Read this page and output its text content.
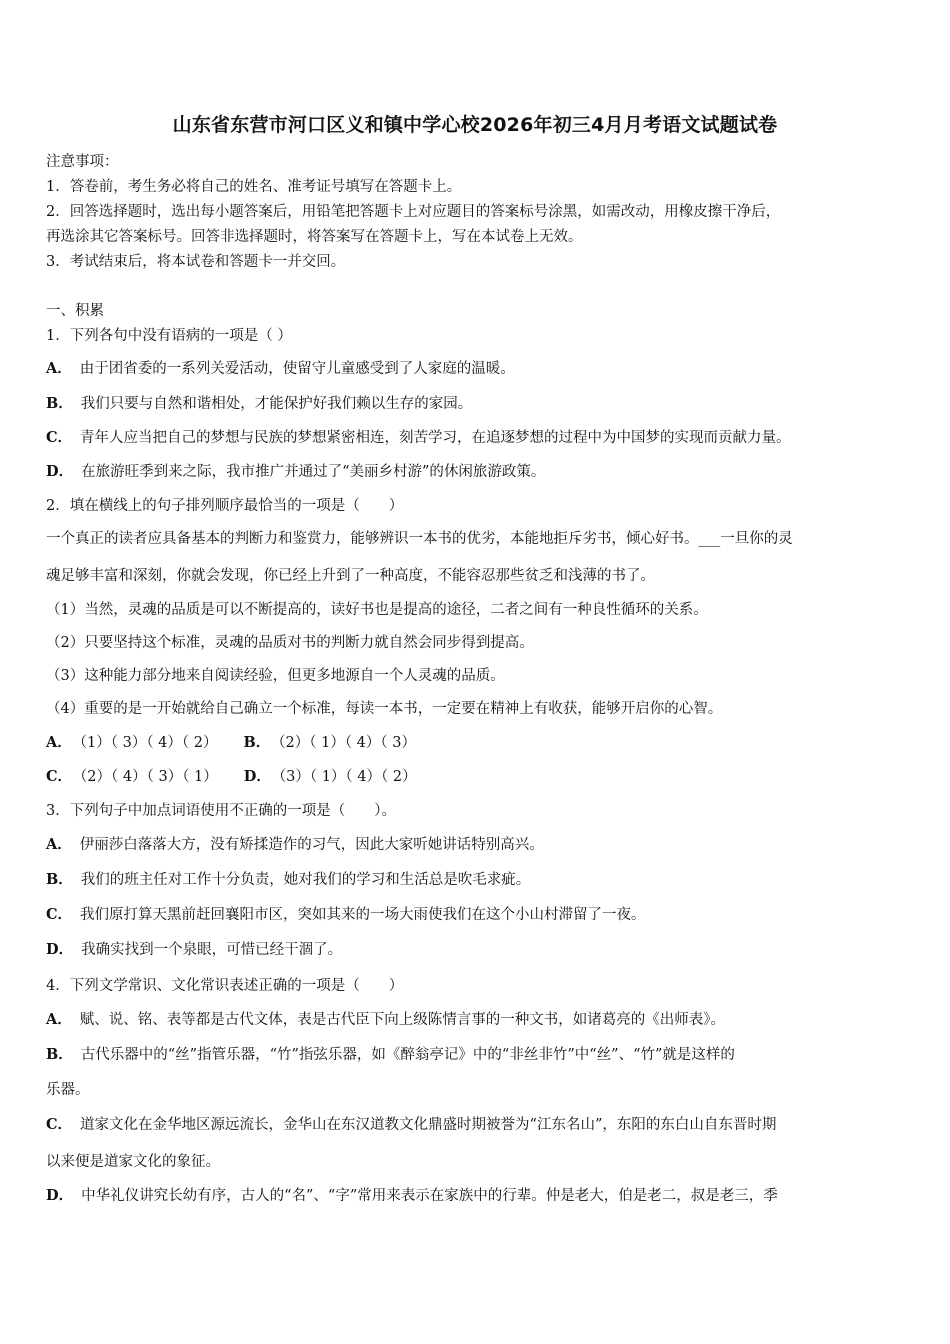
山东省东营市河口区义和镇中学心校2026年初三4月月考语文试题试卷
注意事项：
1．答卷前，考生务必将自己的姓名、准考证号填写在答题卡上。
2．回答选择题时，选出每小题答案后，用铅笔把答题卡上对应题目的答案标号涂黑，如需改动，用橡皮擦干净后，
再选涂其它答案标号。回答非选择题时，将答案写在答题卡上，写在本试卷上无效。
3．考试结束后，将本试卷和答题卡一并交回。
一、积累
1．下列各句中没有语病的一项是（ ）
A． 由于团省委的一系列关爱活动，使留守儿童感受到了人家庭的温暖。
B． 我们只要与自然和谐相处，才能保护好我们赖以生存的家园。
C． 青年人应当把自己的梦想与民族的梦想紧密相连，刻苦学习，在追逐梦想的过程中为中国梦的实现而贡献力量。
D． 在旅游旺季到来之际，我市推广并通过了“美丽乡村游”的休闲旅游政策。
2．填在横线上的句子排列顺序最恰当的一项是（　　）
一个真正的读者应具备基本的判断力和鉴赏力，能够辨识一本书的优劣，本能地拒斥劣书，倾心好书。___一旦你的灵
魂足够丰富和深刻，你就会发现，你已经上升到了一种高度，不能容忍那些贫乏和浅薄的书了。
（1）当然，灵魂的品质是可以不断提高的，读好书也是提高的途径，二者之间有一种良性循环的关系。
（2）只要坚持这个标准，灵魂的品质对书的判断力就自然会同步得到提高。
（3）这种能力部分地来自阅读经验，但更多地源自一个人灵魂的品质。
（4）重要的是一开始就给自己确立一个标准，每读一本书，一定要在精神上有收获，能够开启你的心智。
A． （1）（ 3）（ 4）（ 2） B． （2）（ 1）（ 4）（ 3）
C． （2）（ 4）（ 3）（ 1） D． （3）（ 1）（ 4）（ 2）
3．下列句子中加点词语使用不正确的一项是（　　）。
A． 伊丽莎白落落大方，没有矫揉造作的习气，因此大家听她讲话特别高兴。
B． 我们的班主任对工作十分负责，她对我们的学习和生活总是吹毛求疵。
C． 我们原打算天黑前赶回襄阳市区，突如其来的一场大雨使我们在这个小山村滞留了一夜。
D． 我确实找到一个泉眼，可惜已经干涸了。
4．下列文学常识、文化常识表述正确的一项是（　　）
A． 赋、说、铭、表等都是古代文体，表是古代臣下向上级陈情言事的一种文书，如诸葛亮的《出师表》。
B． 古代乐器中的“丝”指管乐器，“竹”指弦乐器，如《醉翁亭记》中的“非丝非竹”中“丝”、“竹”就是这样的
乐器。
C． 道家文化在金华地区源远流长，金华山在东汉道教文化鼎盛时期被誉为“江东名山”，东阳的东白山自东晋时期
以来便是道家文化的象征。
D． 中华礼仪讲究长幼有序，古人的“名”、“字”常用来表示在家族中的行辈。仲是老大，伯是老二，叔是老三，季
